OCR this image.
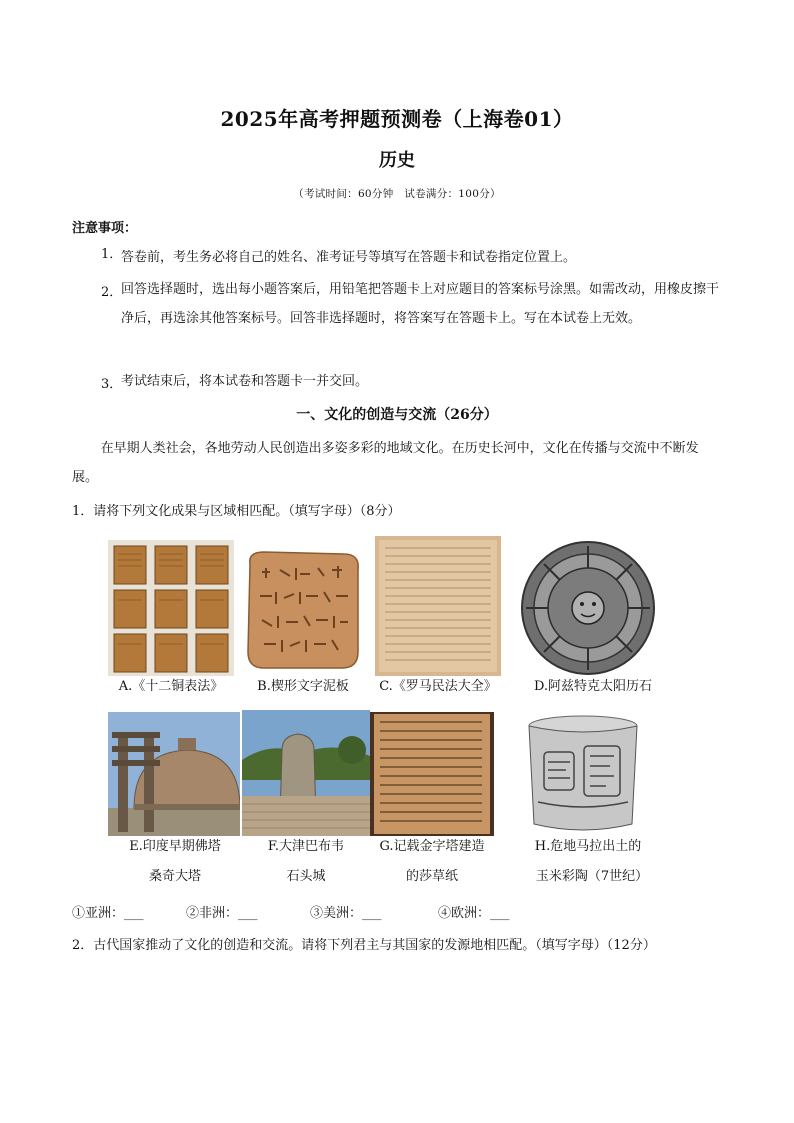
2025年高考押题预测卷（上海卷01）
历史
（考试时间：60分钟　试卷满分：100分）
注意事项：
1．
答卷前，考生务必将自己的姓名、准考证号等填写在答题卡和试卷指定位置上。
2．
回答选择题时，选出每小题答案后，用铅笔把答题卡上对应题目的答案标号涂黑。如需改动，用橡皮擦干净后，再选涂其他答案标号。回答非选择题时，将答案写在答题卡上。写在本试卷上无效。
3．
考试结束后，将本试卷和答题卡一并交回。
一、文化的创造与交流（26分）
在早期人类社会，各地劳动人民创造出多姿多彩的地域文化。在历史长河中，文化在传播与交流中不断发展。
1．请将下列文化成果与区域相匹配。（填写字母）（8分）
A.《十二铜表法》	B.楔形文字泥板	C.《罗马民法大全》	D.阿兹特克太阳历石
E.印度早期佛塔
桑奇大塔
F.大津巴布韦
石头城
G.记载金字塔建造
的莎草纸
H.危地马拉出土的
玉米彩陶（7世纪）
①亚洲：___	②非洲：___	③美洲：___	④欧洲：___
2．古代国家推动了文化的创造和交流。请将下列君主与其国家的发源地相匹配。（填写字母）（12分）
